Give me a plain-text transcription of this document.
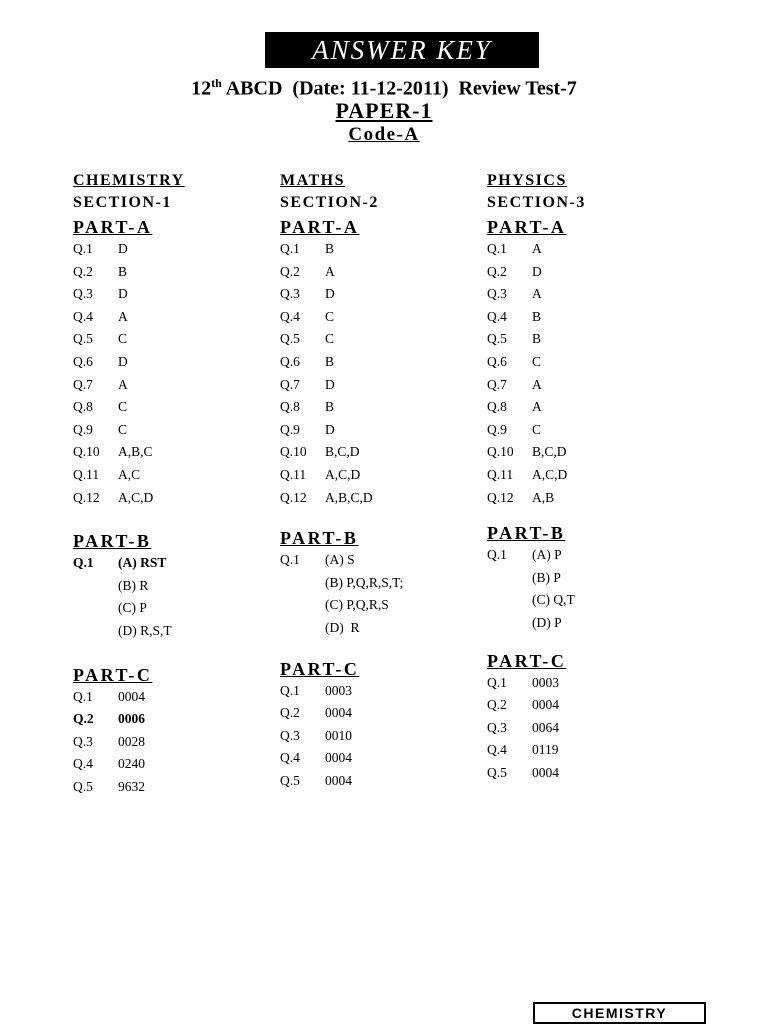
ANSWER KEY
12th ABCD  (Date: 11-12-2011)  Review Test-7
PAPER-1
Code-A
CHEMISTRY
SECTION-1
PART-A
Q.1	D
Q.2	B
Q.3	D
Q.4	A
Q.5	C
Q.6	D
Q.7	A
Q.8	C
Q.9	C
Q.10	A,B,C
Q.11	A,C
Q.12	A,C,D
PART-B
Q.1	(A) RST
(B) R
(C) P
(D) R,S,T
PART-C
Q.1	0004
Q.2	0006
Q.3	0028
Q.4	0240
Q.5	9632
MATHS
SECTION-2
PART-A
Q.1	B
Q.2	A
Q.3	D
Q.4	C
Q.5	C
Q.6	B
Q.7	D
Q.8	B
Q.9	D
Q.10	B,C,D
Q.11	A,C,D
Q.12	A,B,C,D
PART-B
Q.1	(A) S
(B) P,Q,R,S,T;
(C) P,Q,R,S
(D)  R
PART-C
Q.1	0003
Q.2	0004
Q.3	0010
Q.4	0004
Q.5	0004
PHYSICS
SECTION-3
PART-A
Q.1	A
Q.2	D
Q.3	A
Q.4	B
Q.5	B
Q.6	C
Q.7	A
Q.8	A
Q.9	C
Q.10	B,C,D
Q.11	A,C,D
Q.12	A,B
PART-B
Q.1	(A) P
(B) P
(C) Q,T
(D) P
PART-C
Q.1	0003
Q.2	0004
Q.3	0064
Q.4	0119
Q.5	0004
CHEMISTRY
